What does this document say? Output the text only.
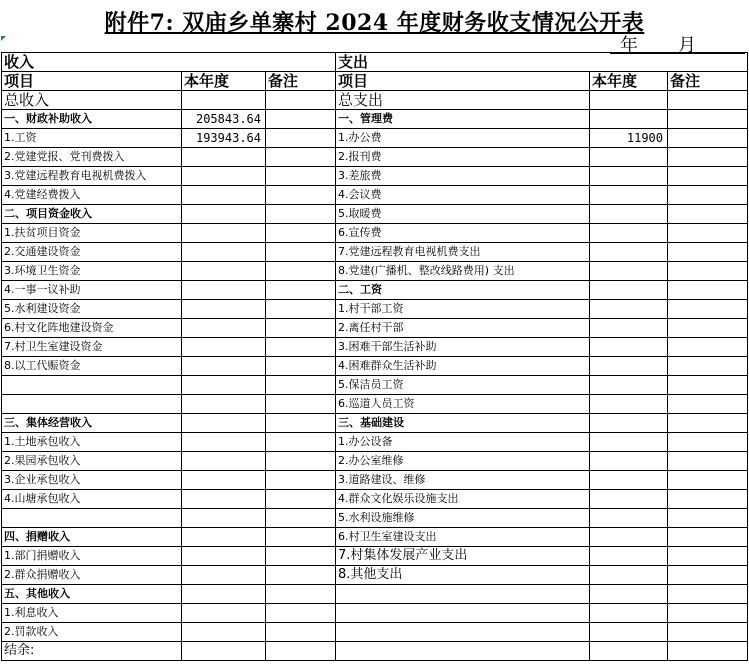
附件7: 双庙乡单寨村 2024 年度财务收支情况公开表
年 月
收入			支出		
项目	本年度	备注	项目	本年度	备注
总收入			总支出		
一、财政补助收入	205843.64		一、管理费		
1.工资	193943.64		1.办公费	11900	
2.党建党报、党刊费拨入			2.报刊费		
3.党建远程教育电视机费拨入			3.差旅费		
4.党建经费拨入			4.会议费		
二、项目资金收入			5.取暖费		
1.扶贫项目资金			6.宣传费		
2.交通建设资金			7.党建远程教育电视机费支出		
3.环境卫生资金			8.党建(广播机、整改线路费用) 支出		
4.一事一议补助			二、工资		
5.水利建设资金			1.村干部工资		
6.村文化阵地建设资金			2.离任村干部		
7.村卫生室建设资金			3.困难干部生活补助		
8.以工代赈资金			4.困难群众生活补助		
			5.保洁员工资		
			6.巡道人员工资		
三、集体经营收入			三、基础建设		
1.土地承包收入			1.办公设备		
2.果园承包收入			2.办公室维修		
3.企业承包收入			3.道路建设、维修		
4.山塘承包收入			4.群众文化娱乐设施支出		
			5.水利设施维修		
四、捐赠收入			6.村卫生室建设支出		
1.部门捐赠收入			7.村集体发展产业支出		
2.群众捐赠收入			8.其他支出		
五、其他收入					
1.利息收入					
2.罚款收入					
结余:					
